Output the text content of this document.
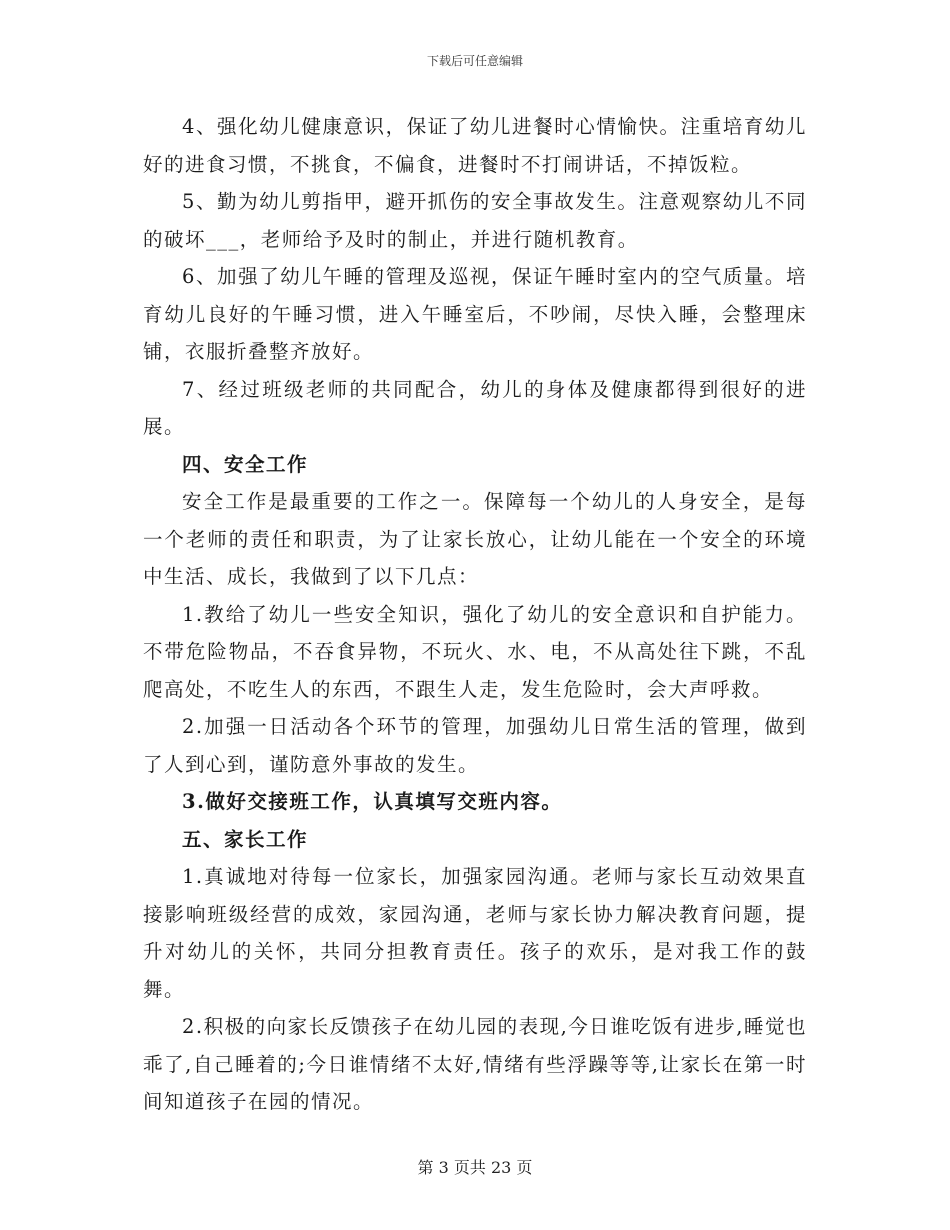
下载后可任意编辑

4、强化幼儿健康意识，保证了幼儿进餐时心情愉快。注重培育幼儿好的进食习惯，不挑食，不偏食，进餐时不打闹讲话，不掉饭粒。

5、勤为幼儿剪指甲，避开抓伤的安全事故发生。注意观察幼儿不同的破坏___，老师给予及时的制止，并进行随机教育。

6、加强了幼儿午睡的管理及巡视，保证午睡时室内的空气质量。培育幼儿良好的午睡习惯，进入午睡室后，不吵闹，尽快入睡，会整理床铺，衣服折叠整齐放好。

7、经过班级老师的共同配合，幼儿的身体及健康都得到很好的进展。

四、安全工作

安全工作是最重要的工作之一。保障每一个幼儿的人身安全，是每一个老师的责任和职责，为了让家长放心，让幼儿能在一个安全的环境中生活、成长，我做到了以下几点：

1.教给了幼儿一些安全知识，强化了幼儿的安全意识和自护能力。不带危险物品，不吞食异物，不玩火、水、电，不从高处往下跳，不乱爬高处，不吃生人的东西，不跟生人走，发生危险时，会大声呼救。

2.加强一日活动各个环节的管理，加强幼儿日常生活的管理，做到了人到心到，谨防意外事故的发生。

3.做好交接班工作，认真填写交班内容。

五、家长工作

1.真诚地对待每一位家长，加强家园沟通。老师与家长互动效果直接影响班级经营的成效，家园沟通，老师与家长协力解决教育问题，提升对幼儿的关怀，共同分担教育责任。孩子的欢乐，是对我工作的鼓舞。

2.积极的向家长反馈孩子在幼儿园的表现,今日谁吃饭有进步,睡觉也乖了,自己睡着的;今日谁情绪不太好,情绪有些浮躁等等,让家长在第一时间知道孩子在园的情况。

第 3 页共 23 页
